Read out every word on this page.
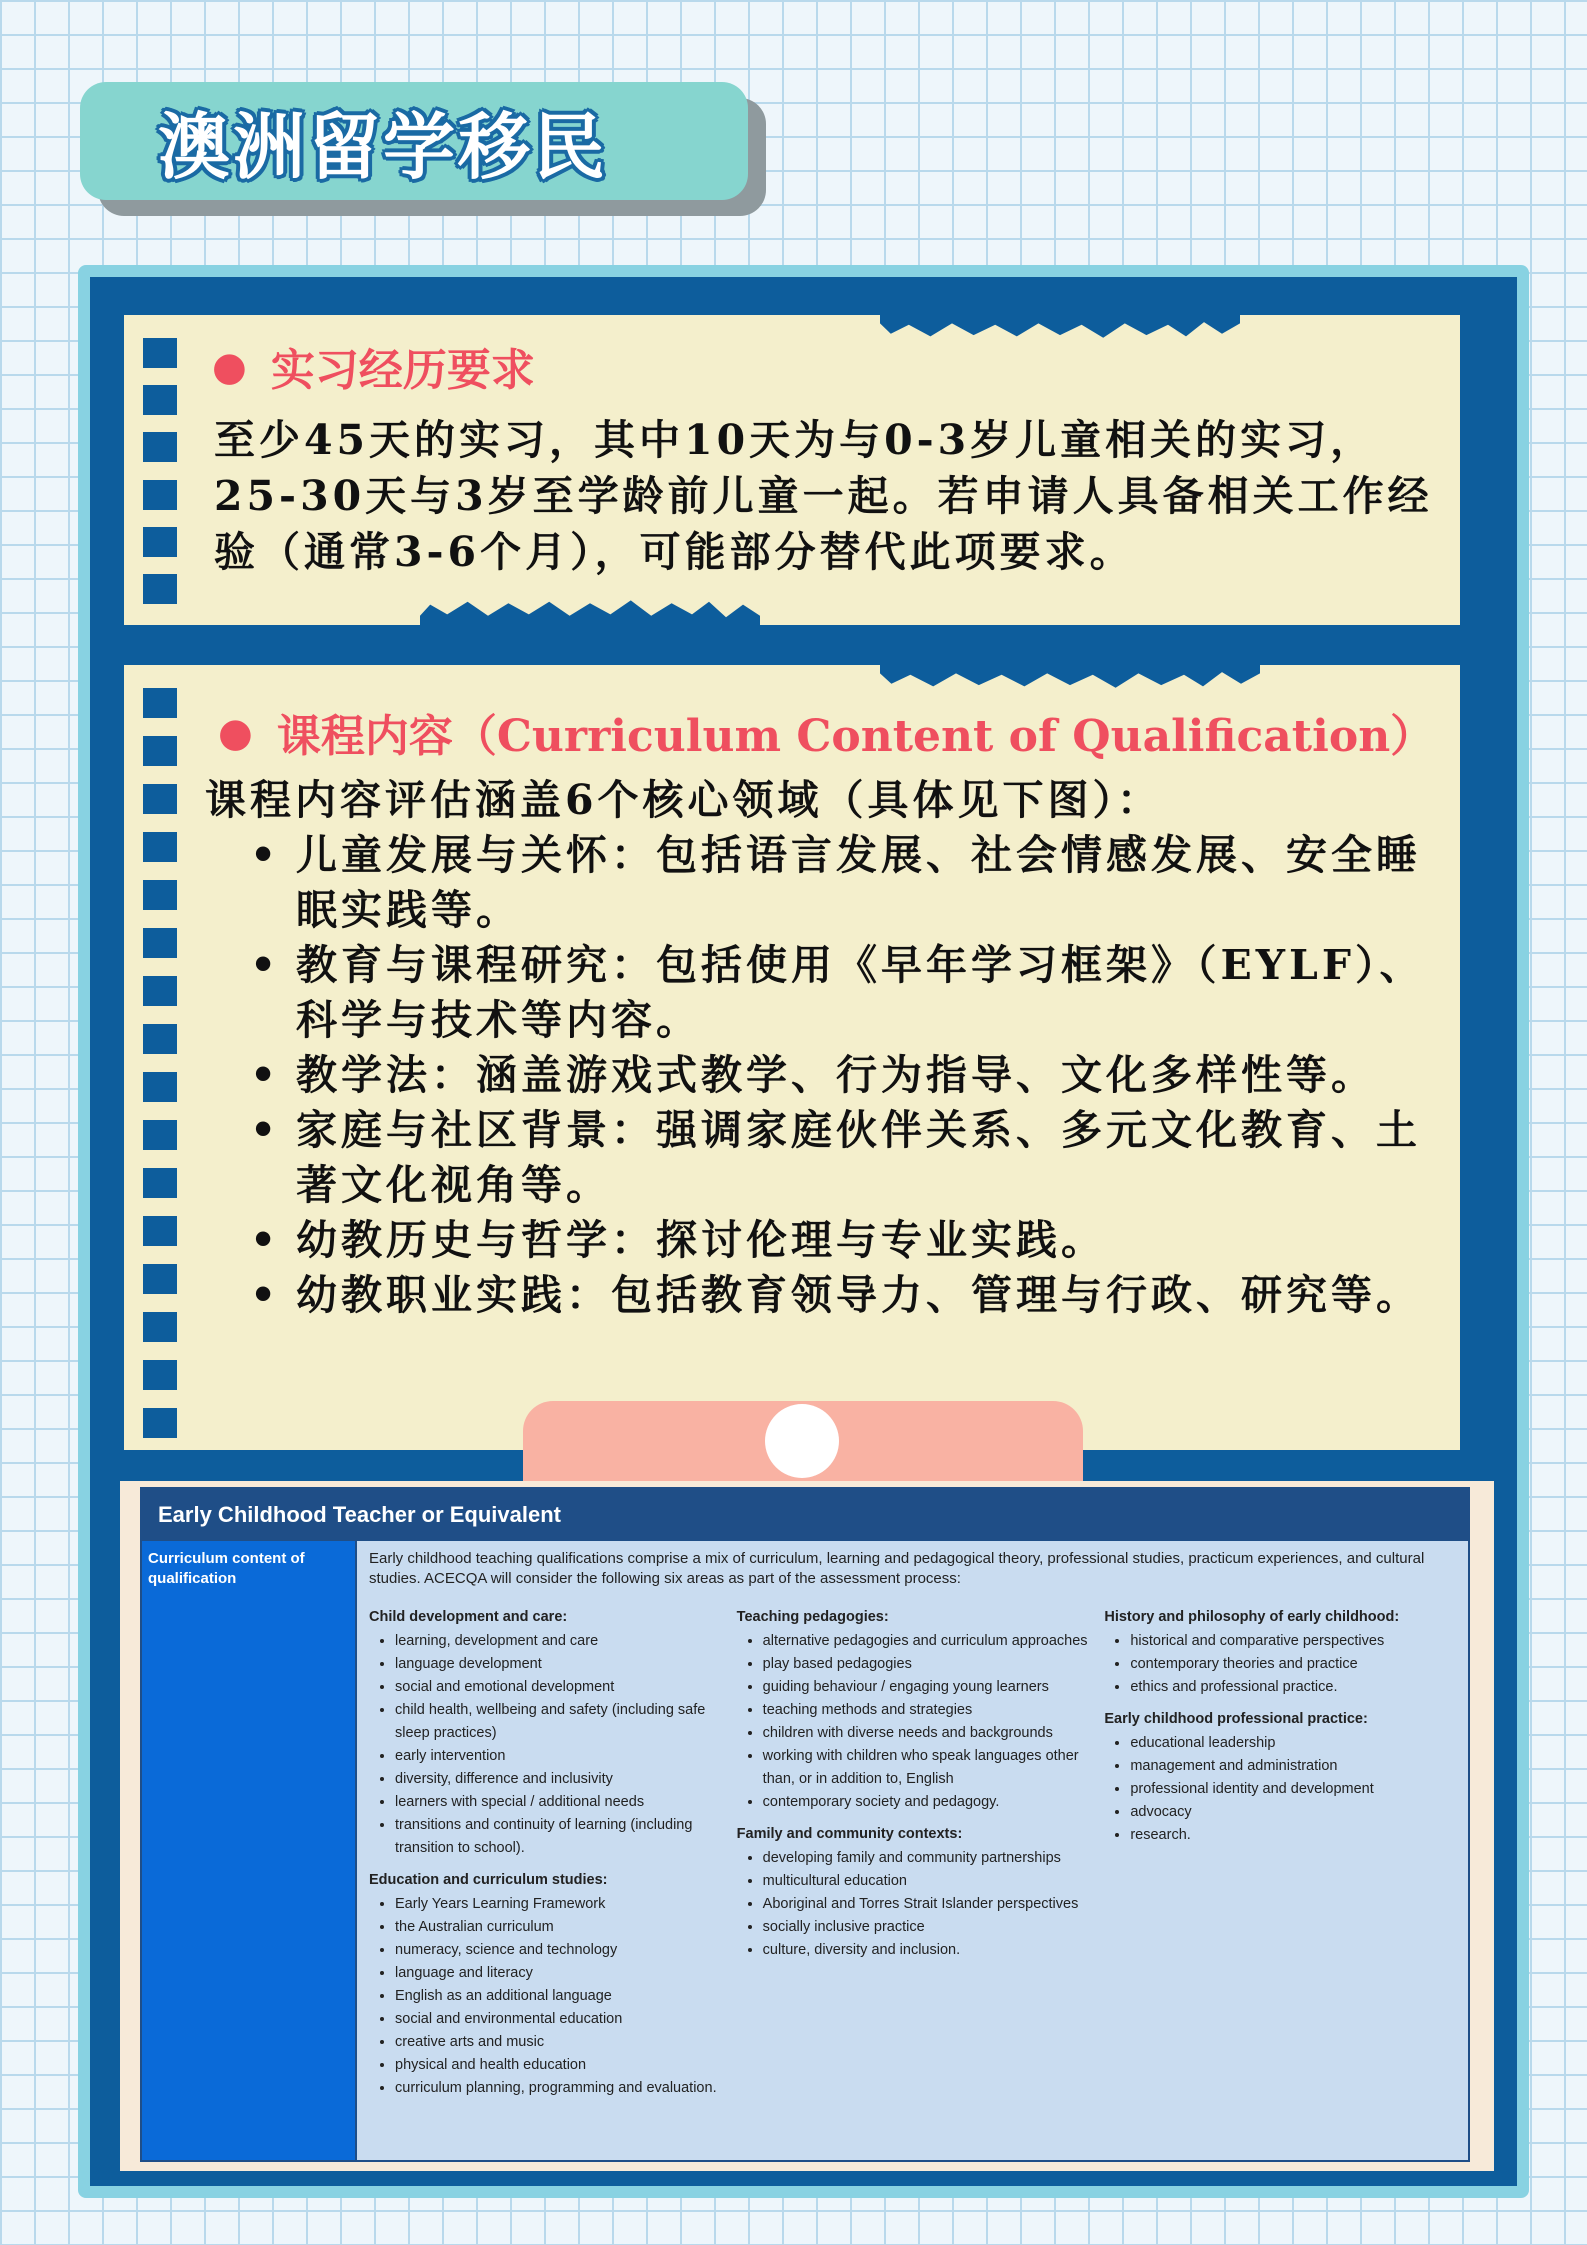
澳洲留学移民
● 实习经历要求
至少45天的实习，其中10天为与0-3岁儿童相关的实习，25-30天与3岁至学龄前儿童一起。若申请人具备相关工作经验（通常3-6个月），可能部分替代此项要求。
● 课程内容（Curriculum Content of Qualification）
课程内容评估涵盖6个核心领域（具体见下图）：
• 儿童发展与关怀：包括语言发展、社会情感发展、安全睡眠实践等。
• 教育与课程研究：包括使用《早年学习框架》（EYLF）、科学与技术等内容。
• 教学法：涵盖游戏式教学、行为指导、文化多样性等。
• 家庭与社区背景：强调家庭伙伴关系、多元文化教育、土著文化视角等。
• 幼教历史与哲学：探讨伦理与专业实践。
• 幼教职业实践：包括教育领导力、管理与行政、研究等。
Early Childhood Teacher or Equivalent
Curriculum content of qualification

Early childhood teaching qualifications comprise a mix of curriculum, learning and pedagogical theory, professional studies, practicum experiences, and cultural studies. ACECQA will consider the following six areas as part of the assessment process:

Child development and care:
• learning, development and care
• language development
• social and emotional development
• child health, wellbeing and safety (including safe sleep practices)
• early intervention
• diversity, difference and inclusivity
• learners with special / additional needs
• transitions and continuity of learning (including transition to school).
Education and curriculum studies:
• Early Years Learning Framework
• the Australian curriculum
• numeracy, science and technology
• language and literacy
• English as an additional language
• social and environmental education
• creative arts and music
• physical and health education
• curriculum planning, programming and evaluation.
Teaching pedagogies:
• alternative pedagogies and curriculum approaches
• play based pedagogies
• guiding behaviour / engaging young learners
• teaching methods and strategies
• children with diverse needs and backgrounds
• working with children who speak languages other than, or in addition to, English
• contemporary society and pedagogy.
Family and community contexts:
• developing family and community partnerships
• multicultural education
• Aboriginal and Torres Strait Islander perspectives
• socially inclusive practice
• culture, diversity and inclusion.
History and philosophy of early childhood:
• historical and comparative perspectives
• contemporary theories and practice
• ethics and professional practice.
Early childhood professional practice:
• educational leadership
• management and administration
• professional identity and development
• advocacy
• research.
